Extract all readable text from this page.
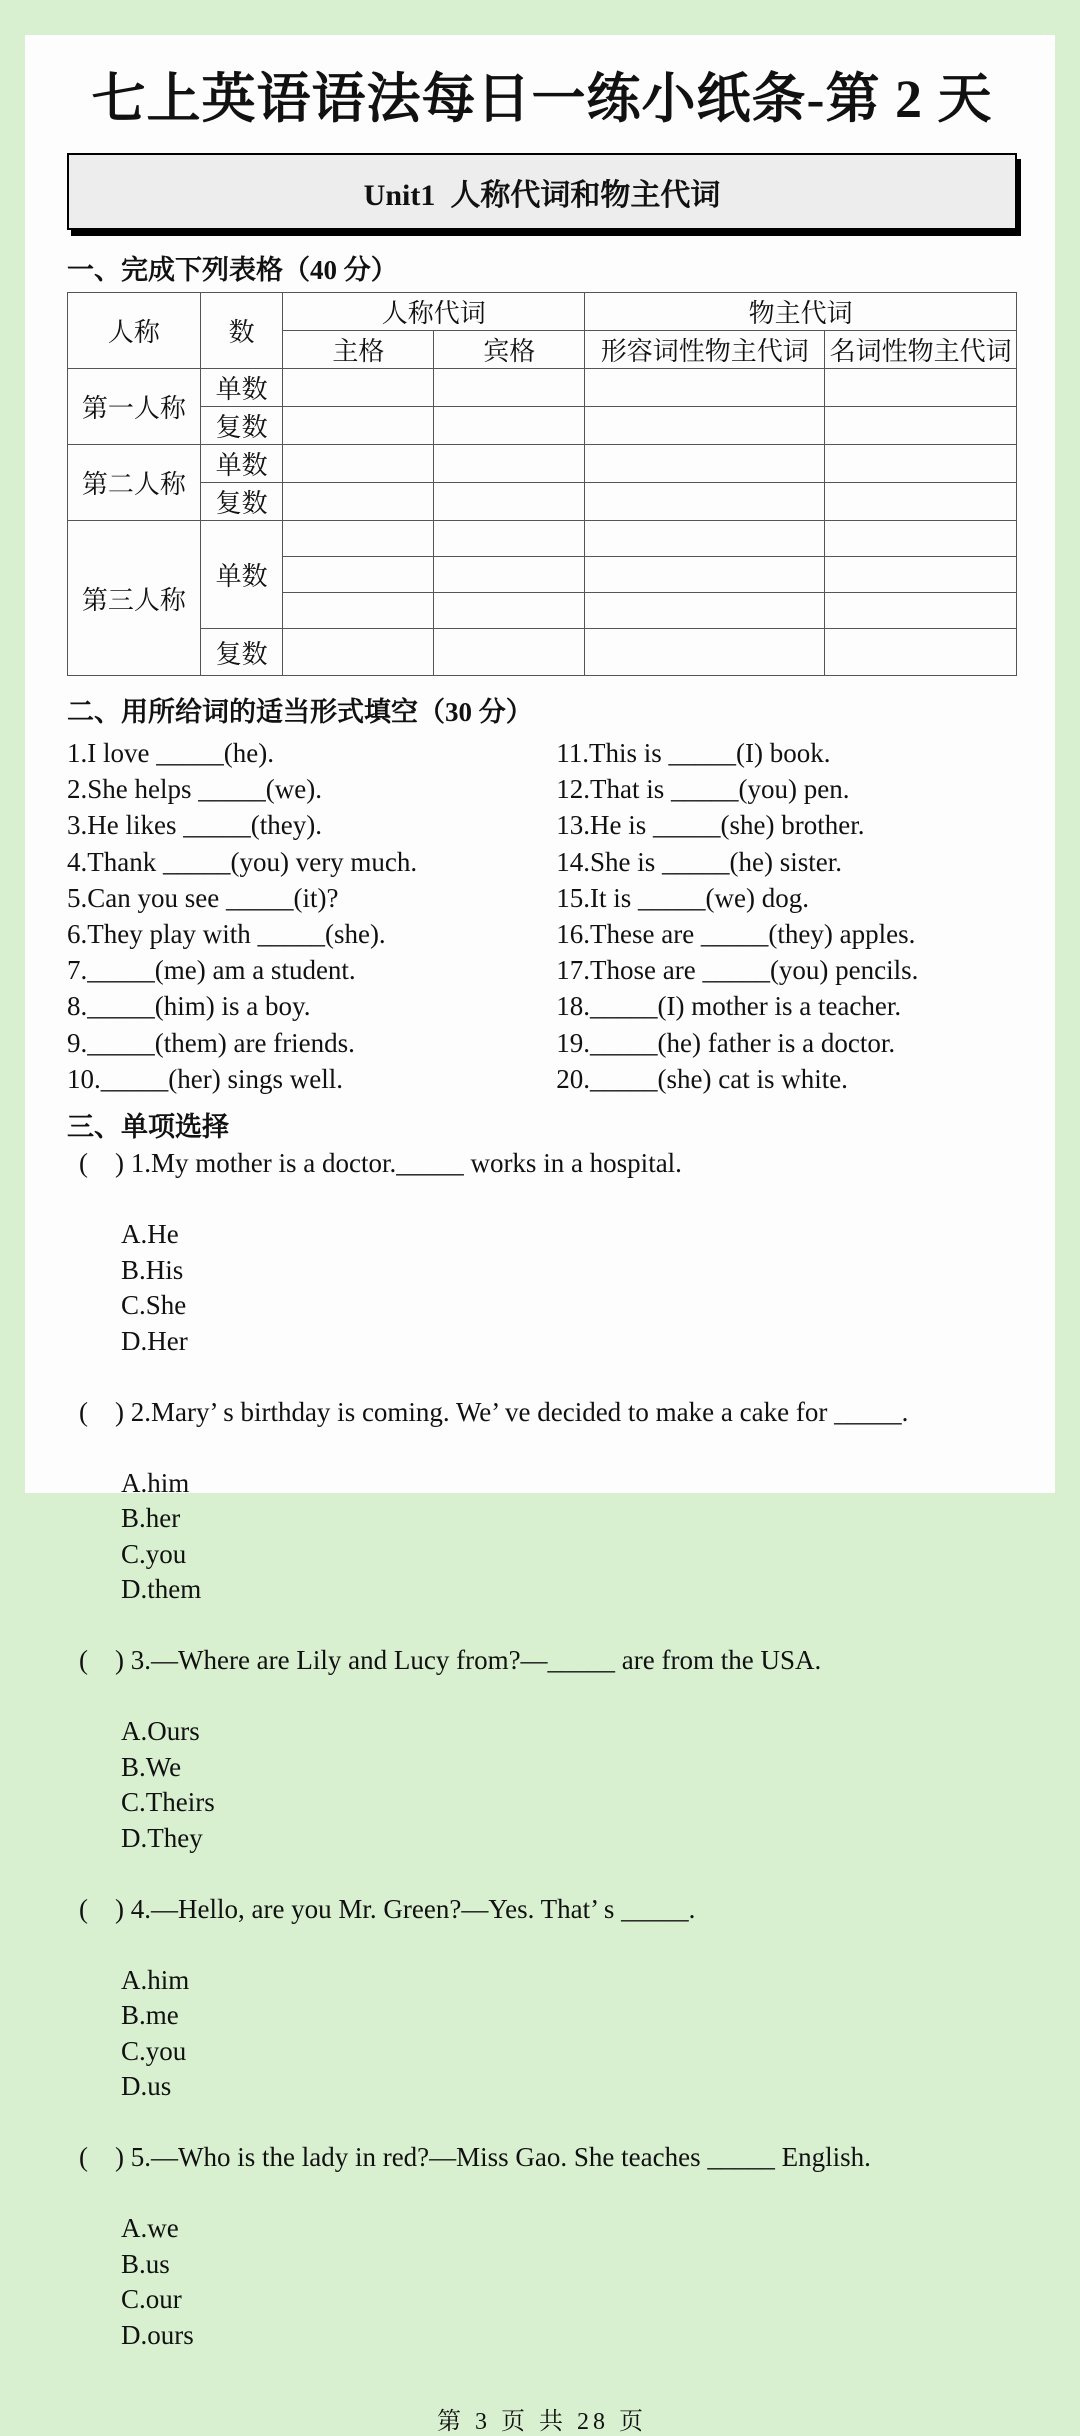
七上英语语法每日一练小纸条-第 2 天
Unit1  人称代词和物主代词
一、完成下列表格（40 分）
人称	数	人称代词		物主代词	
		主格	宾格	形容词性物主代词	名词性物主代词
第一人称	单数				
	复数				
第二人称	单数				
	复数				
第三人称	单数				

	复数				
二、用所给词的适当形式填空（30 分）
1.I love _____(he).
2.She helps _____(we).
3.He likes _____(they).
4.Thank _____(you) very much.
5.Can you see _____(it)?
6.They play with _____(she).
7._____(me) am a student.
8._____(him) is a boy.
9._____(them) are friends.
10._____(her) sings well.
11.This is _____(I) book.
12.That is _____(you) pen.
13.He is _____(she) brother.
14.She is _____(he) sister.
15.It is _____(we) dog.
16.These are _____(they) apples.
17.Those are _____(you) pencils.
18._____(I) mother is a teacher.
19._____(he) father is a doctor.
20._____(she) cat is white.
三、单项选择
(　) 1.My mother is a doctor._____ works in a hospital.

A.He
B.His
C.She
D.Her

(　) 2.Mary’ s birthday is coming. We’ ve decided to make a cake for _____.

A.him
B.her
C.you
D.them

(　) 3.—Where are Lily and Lucy from?—_____ are from the USA.

A.Ours
B.We
C.Theirs
D.They

(　) 4.—Hello, are you Mr. Green?—Yes. That’ s _____.

A.him
B.me
C.you
D.us

(　) 5.—Who is the lady in red?—Miss Gao. She teaches _____ English.

A.we
B.us
C.our
D.ours

第 3 页 共 28 页
